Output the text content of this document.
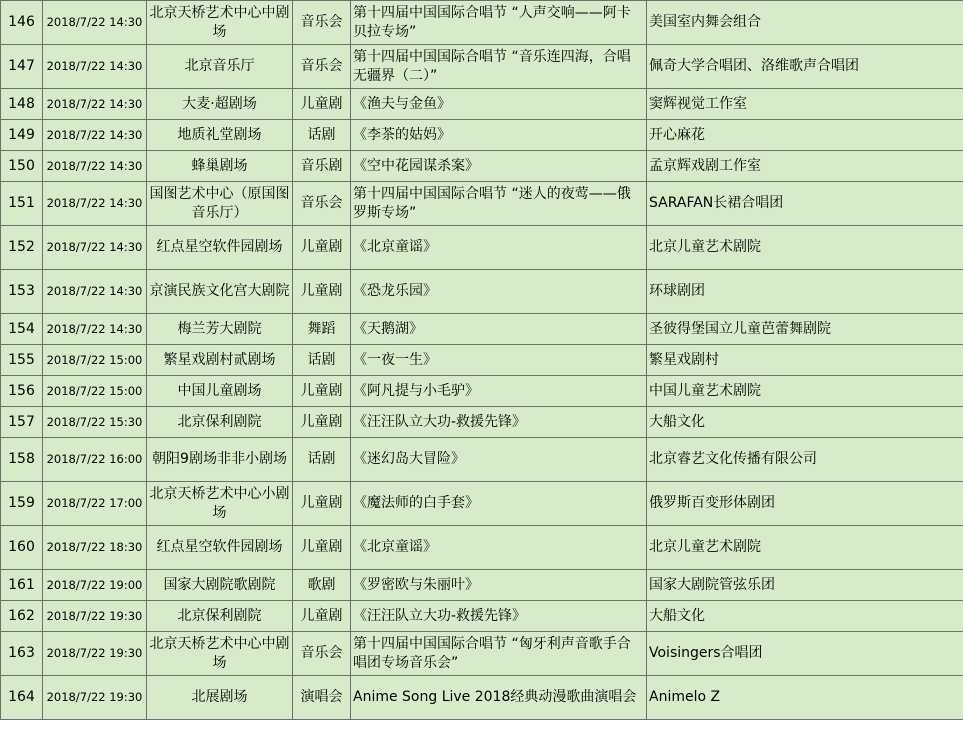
146	2018/7/22 14:30	北京天桥艺术中心中剧场	音乐会	第十四届中国国际合唱节 “人声交响——阿卡贝拉专场”	美国室内舞会组合
147	2018/7/22 14:30	北京音乐厅	音乐会	第十四届中国国际合唱节 “音乐连四海，合唱无疆界（二）”	佩奇大学合唱团、洛维歌声合唱团
148	2018/7/22 14:30	大麦·超剧场	儿童剧	《渔夫与金鱼》	窦辉视觉工作室
149	2018/7/22 14:30	地质礼堂剧场	话剧	《李茶的姑妈》	开心麻花
150	2018/7/22 14:30	蜂巢剧场	音乐剧	《空中花园谋杀案》	孟京辉戏剧工作室
151	2018/7/22 14:30	国图艺术中心（原国图音乐厅）	音乐会	第十四届中国国际合唱节 “迷人的夜莺——俄罗斯专场”	SARAFAN长裙合唱团
152	2018/7/22 14:30	红点星空软件园剧场	儿童剧	《北京童谣》	北京儿童艺术剧院
153	2018/7/22 14:30	京演民族文化宫大剧院	儿童剧	《恐龙乐园》	环球剧团
154	2018/7/22 14:30	梅兰芳大剧院	舞蹈	《天鹅湖》	圣彼得堡国立儿童芭蕾舞剧院
155	2018/7/22 15:00	繁星戏剧村贰剧场	话剧	《一夜一生》	繁星戏剧村
156	2018/7/22 15:00	中国儿童剧场	儿童剧	《阿凡提与小毛驴》	中国儿童艺术剧院
157	2018/7/22 15:30	北京保利剧院	儿童剧	《汪汪队立大功-救援先锋》	大船文化
158	2018/7/22 16:00	朝阳9剧场非非小剧场	话剧	《迷幻岛大冒险》	北京睿艺文化传播有限公司
159	2018/7/22 17:00	北京天桥艺术中心小剧场	儿童剧	《魔法师的白手套》	俄罗斯百变形体剧团
160	2018/7/22 18:30	红点星空软件园剧场	儿童剧	《北京童谣》	北京儿童艺术剧院
161	2018/7/22 19:00	国家大剧院歌剧院	歌剧	《罗密欧与朱丽叶》	国家大剧院管弦乐团
162	2018/7/22 19:30	北京保利剧院	儿童剧	《汪汪队立大功-救援先锋》	大船文化
163	2018/7/22 19:30	北京天桥艺术中心中剧场	音乐会	第十四届中国国际合唱节 “匈牙利声音歌手合唱团专场音乐会”	Voisingers合唱团
164	2018/7/22 19:30	北展剧场	演唱会	Anime Song Live 2018经典动漫歌曲演唱会	Animelo Z
